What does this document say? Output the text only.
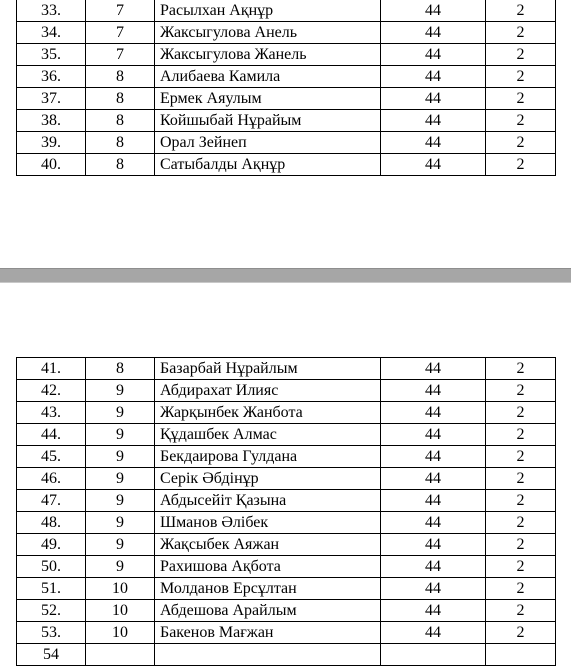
33.	7	Расылхан Ақнұр	44	2
34.	7	Жаксыгулова Анель	44	2
35.	7	Жаксыгулова Жанель	44	2
36.	8	Алибаева Камила	44	2
37.	8	Ермек Аяулым	44	2
38.	8	Койшыбай Нұрайым	44	2
39.	8	Орал Зейнеп	44	2
40.	8	Сатыбалды Ақнұр	44	2
41.	8	Базарбай Нұрайлым	44	2
42.	9	Абдирахат Илияс	44	2
43.	9	Жарқынбек Жанбота	44	2
44.	9	Құдашбек Алмас	44	2
45.	9	Бекдаирова Гулдана	44	2
46.	9	Серік Әбдінұр	44	2
47.	9	Абдысейіт Қазына	44	2
48.	9	Шманов Әлібек	44	2
49.	9	Жақсыбек Аяжан	44	2
50.	9	Рахишова Ақбота	44	2
51.	10	Молданов Ерсұлтан	44	2
52.	10	Абдешова Арайлым	44	2
53.	10	Бакенов Мағжан	44	2
54				
